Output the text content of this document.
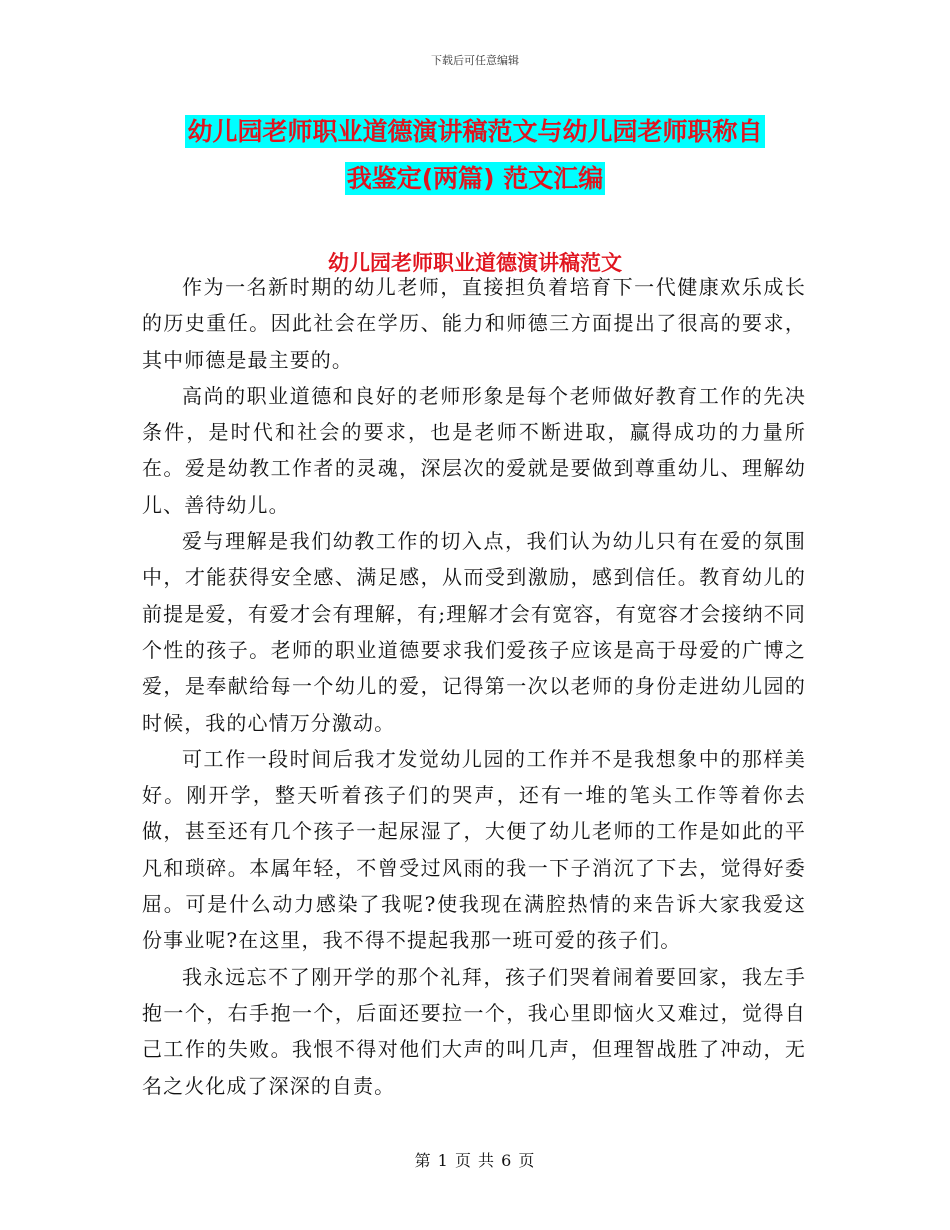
下载后可任意编辑
幼儿园老师职业道德演讲稿范文与幼儿园老师职称自
我鉴定(两篇) 范文汇编
幼儿园老师职业道德演讲稿范文

作为一名新时期的幼儿老师，直接担负着培育下一代健康欢乐成长的历史重任。因此社会在学历、能力和师德三方面提出了很高的要求，其中师德是最主要的。

高尚的职业道德和良好的老师形象是每个老师做好教育工作的先决条件，是时代和社会的要求，也是老师不断进取，赢得成功的力量所在。爱是幼教工作者的灵魂，深层次的爱就是要做到尊重幼儿、理解幼儿、善待幼儿。

爱与理解是我们幼教工作的切入点，我们认为幼儿只有在爱的氛围中，才能获得安全感、满足感，从而受到激励，感到信任。教育幼儿的前提是爱，有爱才会有理解，有;理解才会有宽容，有宽容才会接纳不同个性的孩子。老师的职业道德要求我们爱孩子应该是高于母爱的广博之爱，是奉献给每一个幼儿的爱，记得第一次以老师的身份走进幼儿园的时候，我的心情万分激动。

可工作一段时间后我才发觉幼儿园的工作并不是我想象中的那样美好。刚开学，整天听着孩子们的哭声，还有一堆的笔头工作等着你去做，甚至还有几个孩子一起尿湿了，大便了幼儿老师的工作是如此的平凡和琐碎。本属年轻，不曾受过风雨的我一下子消沉了下去，觉得好委屈。可是什么动力感染了我呢?使我现在满腔热情的来告诉大家我爱这份事业呢?在这里，我不得不提起我那一班可爱的孩子们。

我永远忘不了刚开学的那个礼拜，孩子们哭着闹着要回家，我左手抱一个，右手抱一个，后面还要拉一个，我心里即恼火又难过，觉得自己工作的失败。我恨不得对他们大声的叫几声，但理智战胜了冲动，无名之火化成了深深的自责。

第 1 页 共 6 页
